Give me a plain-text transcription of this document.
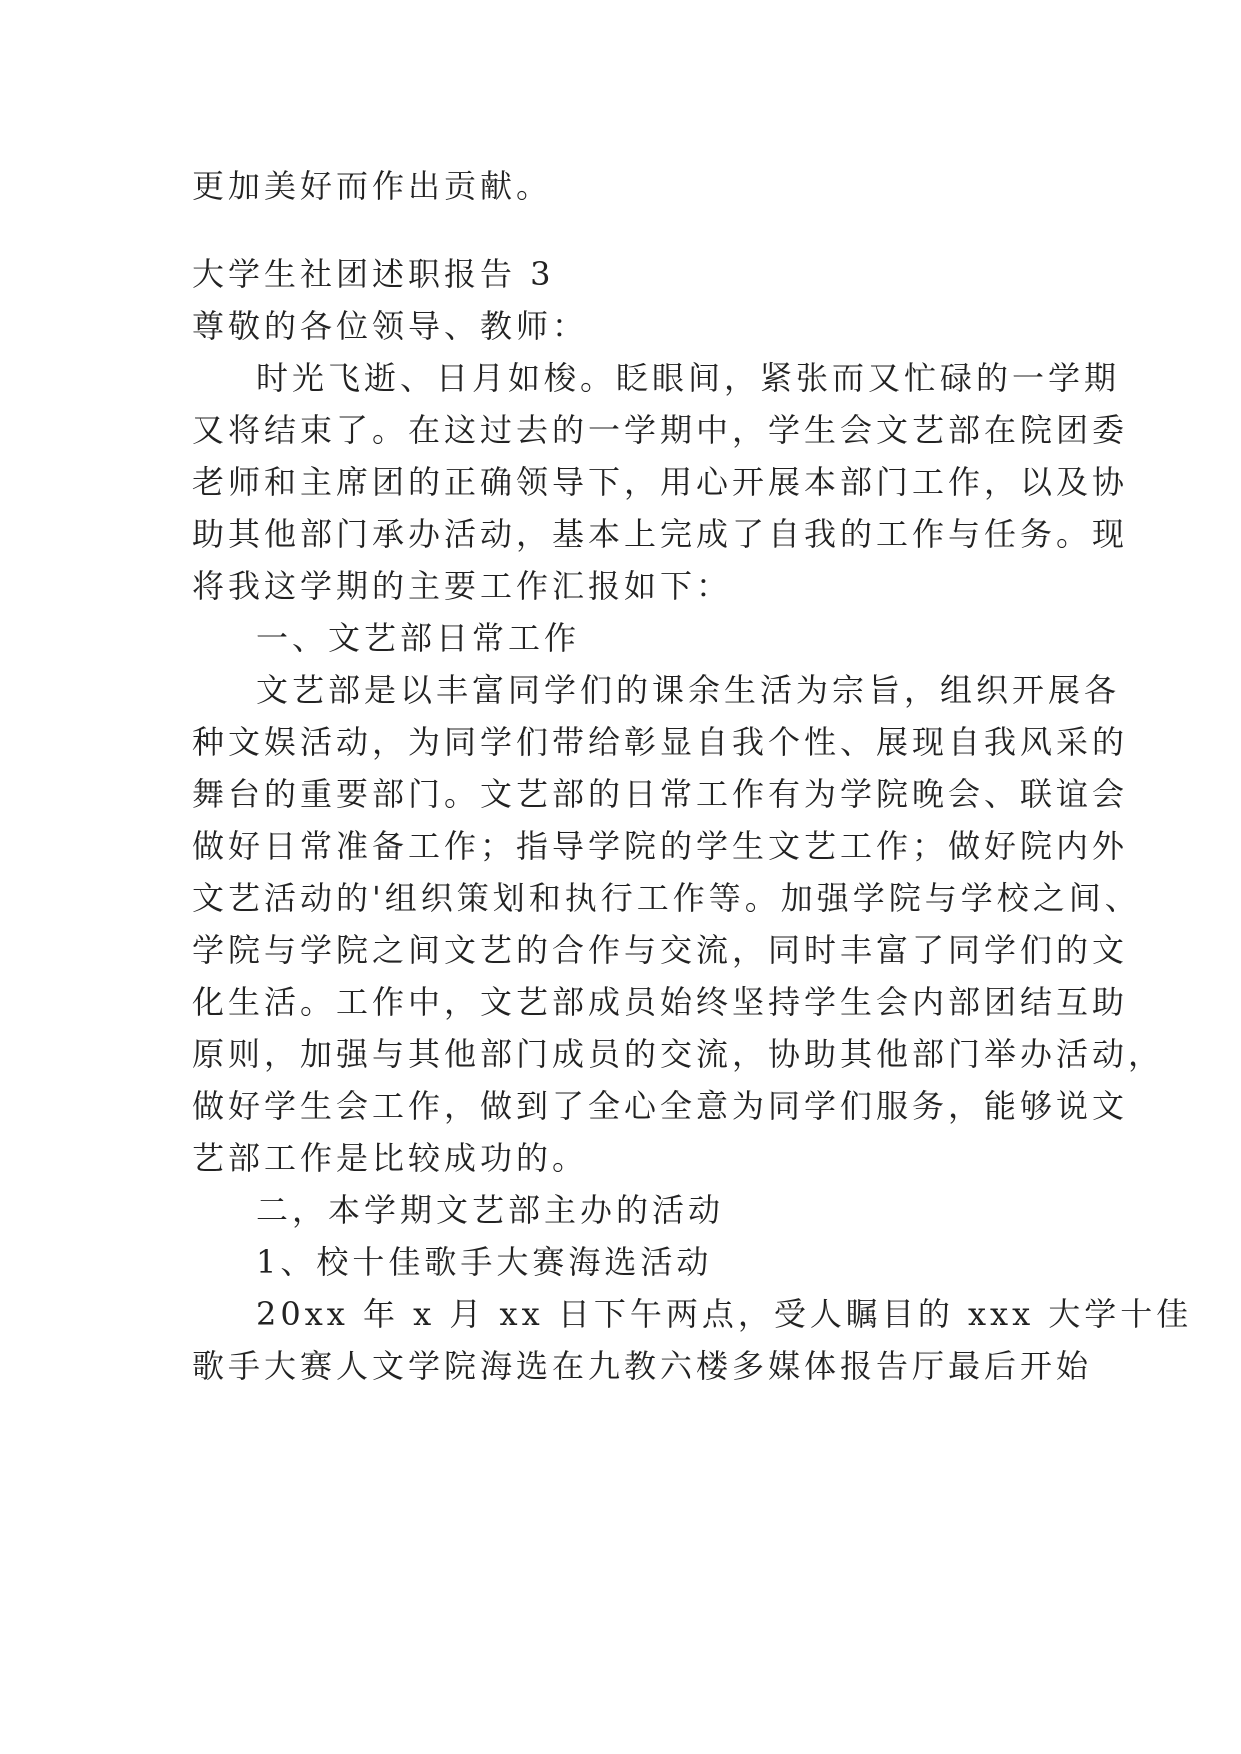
更加美好而作出贡献。
大学生社团述职报告 3
尊敬的各位领导、教师：
时光飞逝、日月如梭。眨眼间，紧张而又忙碌的一学期
又将结束了。在这过去的一学期中，学生会文艺部在院团委
老师和主席团的正确领导下，用心开展本部门工作，以及协
助其他部门承办活动，基本上完成了自我的工作与任务。现
将我这学期的主要工作汇报如下：
一、文艺部日常工作
文艺部是以丰富同学们的课余生活为宗旨，组织开展各
种文娱活动，为同学们带给彰显自我个性、展现自我风采的
舞台的重要部门。文艺部的日常工作有为学院晚会、联谊会
做好日常准备工作；指导学院的学生文艺工作；做好院内外
文艺活动的'组织策划和执行工作等。加强学院与学校之间、
学院与学院之间文艺的合作与交流，同时丰富了同学们的文
化生活。工作中，文艺部成员始终坚持学生会内部团结互助
原则，加强与其他部门成员的交流，协助其他部门举办活动，
做好学生会工作，做到了全心全意为同学们服务，能够说文
艺部工作是比较成功的。
二，本学期文艺部主办的活动
1、校十佳歌手大赛海选活动
20xx 年 x 月 xx 日下午两点，受人瞩目的 xxx 大学十佳
歌手大赛人文学院海选在九教六楼多媒体报告厅最后开始
